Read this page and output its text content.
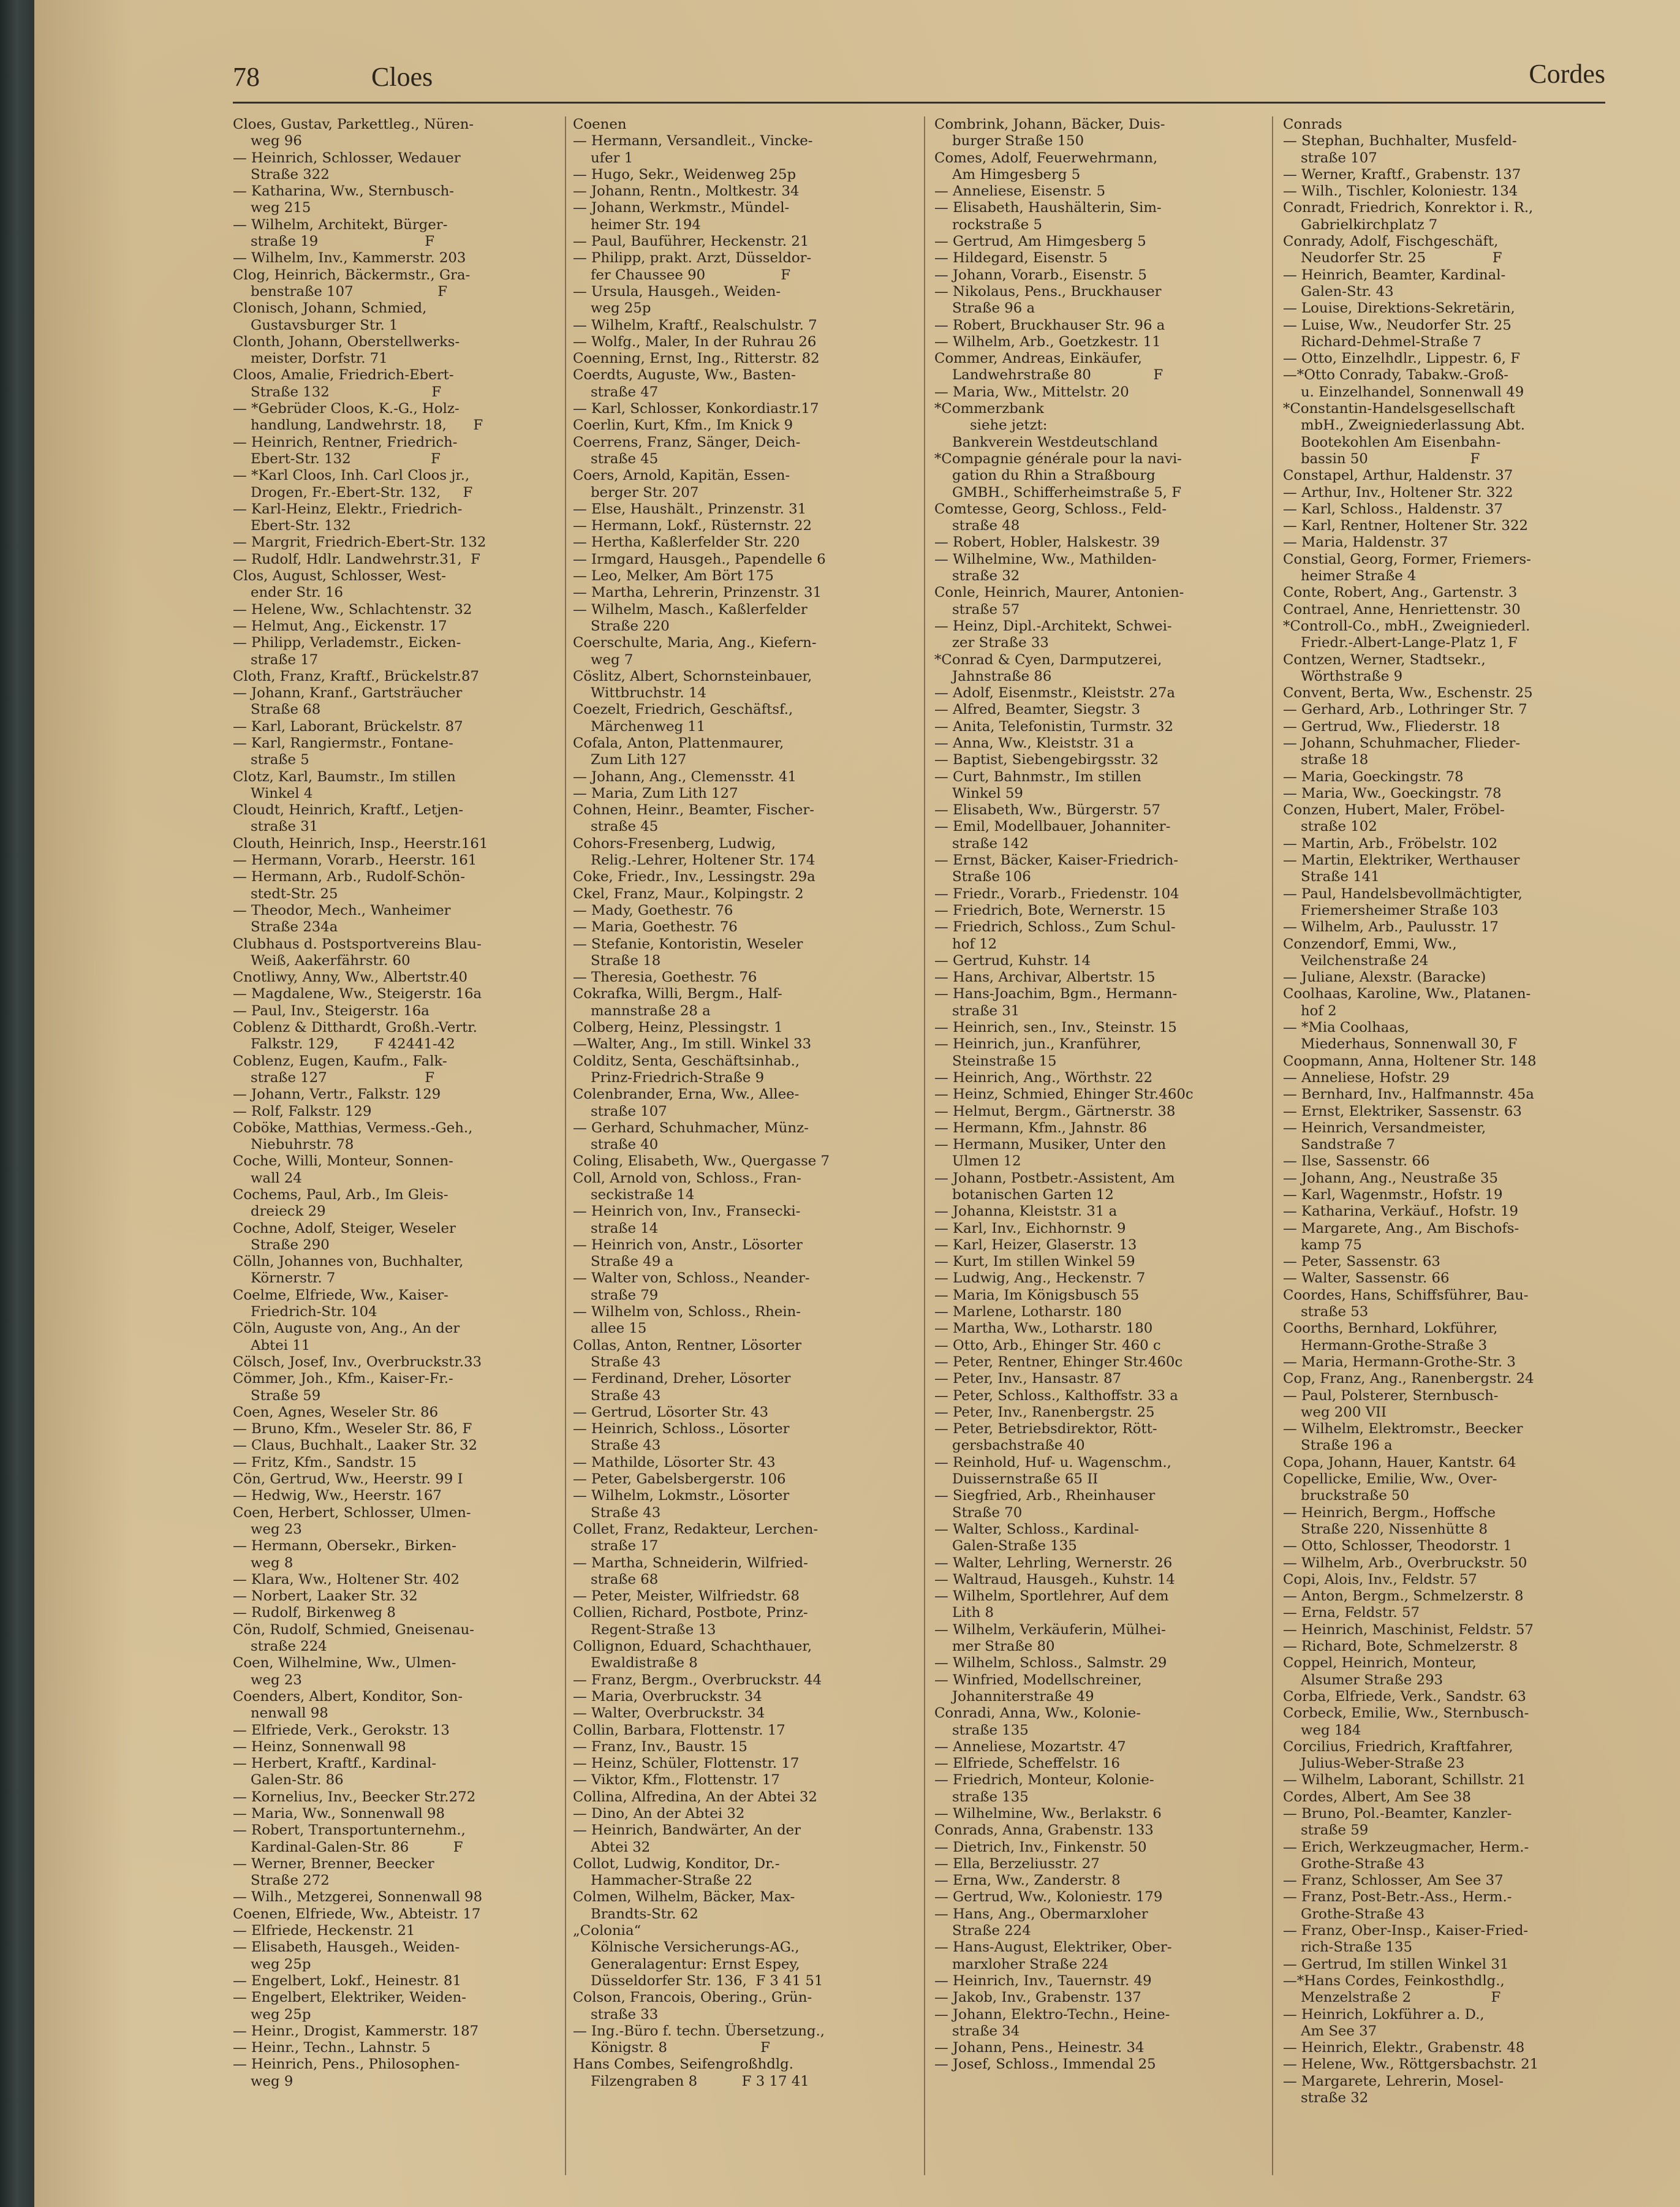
78	Cloes	Cordes
Cloes, Gustav, Parkettleg., Nüren-
weg 96
— Heinrich, Schlosser, Wedauer
Straße 322
— Katharina, Ww., Sternbusch-
weg 215
— Wilhelm, Architekt, Bürger-
straße 19                        F
— Wilhelm, Inv., Kammerstr. 203
Clog, Heinrich, Bäckermstr., Gra-
benstraße 107                   F
Clonisch, Johann, Schmied,
Gustavsburger Str. 1
Clonth, Johann, Oberstellwerks-
meister, Dorfstr. 71
Cloos, Amalie, Friedrich-Ebert-
Straße 132                       F
— *Gebrüder Cloos, K.-G., Holz-
handlung, Landwehrstr. 18,      F
— Heinrich, Rentner, Friedrich-
Ebert-Str. 132                  F
— *Karl Cloos, Inh. Carl Cloos jr.,
Drogen, Fr.-Ebert-Str. 132,     F
— Karl-Heinz, Elektr., Friedrich-
Ebert-Str. 132
— Margrit, Friedrich-Ebert-Str. 132
— Rudolf, Hdlr. Landwehrstr.31,  F
Clos, August, Schlosser, West-
ender Str. 16
— Helene, Ww., Schlachtenstr. 32
— Helmut, Ang., Eickenstr. 17
— Philipp, Verlademstr., Eicken-
straße 17
Cloth, Franz, Kraftf., Brückelstr.87
— Johann, Kranf., Gartsträucher
Straße 68
— Karl, Laborant, Brückelstr. 87
— Karl, Rangiermstr., Fontane-
straße 5
Clotz, Karl, Baumstr., Im stillen
Winkel 4
Cloudt, Heinrich, Kraftf., Letjen-
straße 31
Clouth, Heinrich, Insp., Heerstr.161
— Hermann, Vorarb., Heerstr. 161
— Hermann, Arb., Rudolf-Schön-
stedt-Str. 25
— Theodor, Mech., Wanheimer
Straße 234a
Clubhaus d. Postsportvereins Blau-
Weiß, Aakerfährstr. 60
Cnotliwy, Anny, Ww., Albertstr.40
— Magdalene, Ww., Steigerstr. 16a
— Paul, Inv., Steigerstr. 16a
Coblenz & Ditthardt, Großh.-Vertr.
Falkstr. 129,        F 42441-42
Coblenz, Eugen, Kaufm., Falk-
straße 127                      F
— Johann, Vertr., Falkstr. 129
— Rolf, Falkstr. 129
Coböke, Matthias, Vermess.-Geh.,
Niebuhrstr. 78
Coche, Willi, Monteur, Sonnen-
wall 24
Cochems, Paul, Arb., Im Gleis-
dreieck 29
Cochne, Adolf, Steiger, Weseler
Straße 290
Cölln, Johannes von, Buchhalter,
Körnerstr. 7
Coelme, Elfriede, Ww., Kaiser-
Friedrich-Str. 104
Cöln, Auguste von, Ang., An der
Abtei 11
Cölsch, Josef, Inv., Overbruckstr.33
Cömmer, Joh., Kfm., Kaiser-Fr.-
Straße 59
Coen, Agnes, Weseler Str. 86
— Bruno, Kfm., Weseler Str. 86, F
— Claus, Buchhalt., Laaker Str. 32
— Fritz, Kfm., Sandstr. 15
Cön, Gertrud, Ww., Heerstr. 99 I
— Hedwig, Ww., Heerstr. 167
Coen, Herbert, Schlosser, Ulmen-
weg 23
— Hermann, Obersekr., Birken-
weg 8
— Klara, Ww., Holtener Str. 402
— Norbert, Laaker Str. 32
— Rudolf, Birkenweg 8
Cön, Rudolf, Schmied, Gneisenau-
straße 224
Coen, Wilhelmine, Ww., Ulmen-
weg 23
Coenders, Albert, Konditor, Son-
nenwall 98
— Elfriede, Verk., Gerokstr. 13
— Heinz, Sonnenwall 98
— Herbert, Kraftf., Kardinal-
Galen-Str. 86
— Kornelius, Inv., Beecker Str.272
— Maria, Ww., Sonnenwall 98
— Robert, Transportunternehm.,
Kardinal-Galen-Str. 86          F
— Werner, Brenner, Beecker
Straße 272
— Wilh., Metzgerei, Sonnenwall 98
Coenen, Elfriede, Ww., Abteistr. 17
— Elfriede, Heckenstr. 21
— Elisabeth, Hausgeh., Weiden-
weg 25p
— Engelbert, Lokf., Heinestr. 81
— Engelbert, Elektriker, Weiden-
weg 25p
— Heinr., Drogist, Kammerstr. 187
— Heinr., Techn., Lahnstr. 5
— Heinrich, Pens., Philosophen-
weg 9
Coenen
— Hermann, Versandleit., Vincke-
ufer 1
— Hugo, Sekr., Weidenweg 25p
— Johann, Rentn., Moltkestr. 34
— Johann, Werkmstr., Mündel-
heimer Str. 194
— Paul, Bauführer, Heckenstr. 21
— Philipp, prakt. Arzt, Düsseldor-
fer Chaussee 90                 F
— Ursula, Hausgeh., Weiden-
weg 25p
— Wilhelm, Kraftf., Realschulstr. 7
— Wolfg., Maler, In der Ruhrau 26
Coenning, Ernst, Ing., Ritterstr. 82
Coerdts, Auguste, Ww., Basten-
straße 47
— Karl, Schlosser, Konkordiastr.17
Coerlin, Kurt, Kfm., Im Knick 9
Coerrens, Franz, Sänger, Deich-
straße 45
Coers, Arnold, Kapitän, Essen-
berger Str. 207
— Else, Haushält., Prinzenstr. 31
— Hermann, Lokf., Rüsternstr. 22
— Hertha, Kaßlerfelder Str. 220
— Irmgard, Hausgeh., Papendelle 6
— Leo, Melker, Am Bört 175
— Martha, Lehrerin, Prinzenstr. 31
— Wilhelm, Masch., Kaßlerfelder
Straße 220
Coerschulte, Maria, Ang., Kiefern-
weg 7
Cöslitz, Albert, Schornsteinbauer,
Wittbruchstr. 14
Coezelt, Friedrich, Geschäftsf.,
Märchenweg 11
Cofala, Anton, Plattenmaurer,
Zum Lith 127
— Johann, Ang., Clemensstr. 41
— Maria, Zum Lith 127
Cohnen, Heinr., Beamter, Fischer-
straße 45
Cohors-Fresenberg, Ludwig,
Relig.-Lehrer, Holtener Str. 174
Coke, Friedr., Inv., Lessingstr. 29a
Ckel, Franz, Maur., Kolpingstr. 2
— Mady, Goethestr. 76
— Maria, Goethestr. 76
— Stefanie, Kontoristin, Weseler
Straße 18
— Theresia, Goethestr. 76
Cokrafka, Willi, Bergm., Half-
mannstraße 28 a
Colberg, Heinz, Plessingstr. 1
—Walter, Ang., Im still. Winkel 33
Colditz, Senta, Geschäftsinhab.,
Prinz-Friedrich-Straße 9
Colenbrander, Erna, Ww., Allee-
straße 107
— Gerhard, Schuhmacher, Münz-
straße 40
Coling, Elisabeth, Ww., Quergasse 7
Coll, Arnold von, Schloss., Fran-
seckistraße 14
— Heinrich von, Inv., Fransecki-
straße 14
— Heinrich von, Anstr., Lösorter
Straße 49 a
— Walter von, Schloss., Neander-
straße 79
— Wilhelm von, Schloss., Rhein-
allee 15
Collas, Anton, Rentner, Lösorter
Straße 43
— Ferdinand, Dreher, Lösorter
Straße 43
— Gertrud, Lösorter Str. 43
— Heinrich, Schloss., Lösorter
Straße 43
— Mathilde, Lösorter Str. 43
— Peter, Gabelsbergerstr. 106
— Wilhelm, Lokmstr., Lösorter
Straße 43
Collet, Franz, Redakteur, Lerchen-
straße 17
— Martha, Schneiderin, Wilfried-
straße 68
— Peter, Meister, Wilfriedstr. 68
Collien, Richard, Postbote, Prinz-
Regent-Straße 13
Collignon, Eduard, Schachthauer,
Ewaldistraße 8
— Franz, Bergm., Overbruckstr. 44
— Maria, Overbruckstr. 34
— Walter, Overbruckstr. 34
Collin, Barbara, Flottenstr. 17
— Franz, Inv., Baustr. 15
— Heinz, Schüler, Flottenstr. 17
— Viktor, Kfm., Flottenstr. 17
Collina, Alfredina, An der Abtei 32
— Dino, An der Abtei 32
— Heinrich, Bandwärter, An der
Abtei 32
Collot, Ludwig, Konditor, Dr.-
Hammacher-Straße 22
Colmen, Wilhelm, Bäcker, Max-
Brandts-Str. 62
„Colonia“
Kölnische Versicherungs-AG.,
Generalagentur: Ernst Espey,
Düsseldorfer Str. 136,  F 3 41 51
Colson, Francois, Obering., Grün-
straße 33
— Ing.-Büro f. techn. Übersetzung.,
Königstr. 8                     F
Hans Combes, Seifengroßhdlg.
Filzengraben 8          F 3 17 41
Combrink, Johann, Bäcker, Duis-
burger Straße 150
Comes, Adolf, Feuerwehrmann,
Am Himgesberg 5
— Anneliese, Eisenstr. 5
— Elisabeth, Haushälterin, Sim-
rockstraße 5
— Gertrud, Am Himgesberg 5
— Hildegard, Eisenstr. 5
— Johann, Vorarb., Eisenstr. 5
— Nikolaus, Pens., Bruckhauser
Straße 96 a
— Robert, Bruckhauser Str. 96 a
— Wilhelm, Arb., Goetzkestr. 11
Commer, Andreas, Einkäufer,
Landwehrstraße 80              F
— Maria, Ww., Mittelstr. 20
*Commerzbank
siehe jetzt:
Bankverein Westdeutschland
*Compagnie générale pour la navi-
gation du Rhin a Straßbourg
GMBH., Schifferheimstraße 5, F
Comtesse, Georg, Schloss., Feld-
straße 48
— Robert, Hobler, Halskestr. 39
— Wilhelmine, Ww., Mathilden-
straße 32
Conle, Heinrich, Maurer, Antonien-
straße 57
— Heinz, Dipl.-Architekt, Schwei-
zer Straße 33
*Conrad & Cyen, Darmputzerei,
Jahnstraße 86
— Adolf, Eisenmstr., Kleiststr. 27a
— Alfred, Beamter, Siegstr. 3
— Anita, Telefonistin, Turmstr. 32
— Anna, Ww., Kleiststr. 31 a
— Baptist, Siebengebirgsstr. 32
— Curt, Bahnmstr., Im stillen
Winkel 59
— Elisabeth, Ww., Bürgerstr. 57
— Emil, Modellbauer, Johanniter-
straße 142
— Ernst, Bäcker, Kaiser-Friedrich-
Straße 106
— Friedr., Vorarb., Friedenstr. 104
— Friedrich, Bote, Wernerstr. 15
— Friedrich, Schloss., Zum Schul-
hof 12
— Gertrud, Kuhstr. 14
— Hans, Archivar, Albertstr. 15
— Hans-Joachim, Bgm., Hermann-
straße 31
— Heinrich, sen., Inv., Steinstr. 15
— Heinrich, jun., Kranführer,
Steinstraße 15
— Heinrich, Ang., Wörthstr. 22
— Heinz, Schmied, Ehinger Str.460c
— Helmut, Bergm., Gärtnerstr. 38
— Hermann, Kfm., Jahnstr. 86
— Hermann, Musiker, Unter den
Ulmen 12
— Johann, Postbetr.-Assistent, Am
botanischen Garten 12
— Johanna, Kleiststr. 31 a
— Karl, Inv., Eichhornstr. 9
— Karl, Heizer, Glaserstr. 13
— Kurt, Im stillen Winkel 59
— Ludwig, Ang., Heckenstr. 7
— Maria, Im Königsbusch 55
— Marlene, Lotharstr. 180
— Martha, Ww., Lotharstr. 180
— Otto, Arb., Ehinger Str. 460 c
— Peter, Rentner, Ehinger Str.460c
— Peter, Inv., Hansastr. 87
— Peter, Schloss., Kalthoffstr. 33 a
— Peter, Inv., Ranenbergstr. 25
— Peter, Betriebsdirektor, Rött-
gersbachstraße 40
— Reinhold, Huf- u. Wagenschm.,
Duissernstraße 65 II
— Siegfried, Arb., Rheinhauser
Straße 70
— Walter, Schloss., Kardinal-
Galen-Straße 135
— Walter, Lehrling, Wernerstr. 26
— Waltraud, Hausgeh., Kuhstr. 14
— Wilhelm, Sportlehrer, Auf dem
Lith 8
— Wilhelm, Verkäuferin, Mülhei-
mer Straße 80
— Wilhelm, Schloss., Salmstr. 29
— Winfried, Modellschreiner,
Johanniterstraße 49
Conradi, Anna, Ww., Kolonie-
straße 135
— Anneliese, Mozartstr. 47
— Elfriede, Scheffelstr. 16
— Friedrich, Monteur, Kolonie-
straße 135
— Wilhelmine, Ww., Berlakstr. 6
Conrads, Anna, Grabenstr. 133
— Dietrich, Inv., Finkenstr. 50
— Ella, Berzeliusstr. 27
— Erna, Ww., Zanderstr. 8
— Gertrud, Ww., Koloniestr. 179
— Hans, Ang., Obermarxloher
Straße 224
— Hans-August, Elektriker, Ober-
marxloher Straße 224
— Heinrich, Inv., Tauernstr. 49
— Jakob, Inv., Grabenstr. 137
— Johann, Elektro-Techn., Heine-
straße 34
— Johann, Pens., Heinestr. 34
— Josef, Schloss., Immendal 25
Conrads
— Stephan, Buchhalter, Musfeld-
straße 107
— Werner, Kraftf., Grabenstr. 137
— Wilh., Tischler, Koloniestr. 134
Conradt, Friedrich, Konrektor i. R.,
Gabrielkirchplatz 7
Conrady, Adolf, Fischgeschäft,
Neudorfer Str. 25               F
— Heinrich, Beamter, Kardinal-
Galen-Str. 43
— Louise, Direktions-Sekretärin,
— Luise, Ww., Neudorfer Str. 25
Richard-Dehmel-Straße 7
— Otto, Einzelhdlr., Lippestr. 6, F
—*Otto Conrady, Tabakw.-Groß-
u. Einzelhandel, Sonnenwall 49
*Constantin-Handelsgesellschaft
mbH., Zweigniederlassung Abt.
Bootekohlen Am Eisenbahn-
bassin 50                       F
Constapel, Arthur, Haldenstr. 37
— Arthur, Inv., Holtener Str. 322
— Karl, Schloss., Haldenstr. 37
— Karl, Rentner, Holtener Str. 322
— Maria, Haldenstr. 37
Constial, Georg, Former, Friemers-
heimer Straße 4
Conte, Robert, Ang., Gartenstr. 3
Contrael, Anne, Henriettenstr. 30
*Controll-Co., mbH., Zweigniederl.
Friedr.-Albert-Lange-Platz 1, F
Contzen, Werner, Stadtsekr.,
Wörthstraße 9
Convent, Berta, Ww., Eschenstr. 25
— Gerhard, Arb., Lothringer Str. 7
— Gertrud, Ww., Fliederstr. 18
— Johann, Schuhmacher, Flieder-
straße 18
— Maria, Goeckingstr. 78
— Maria, Ww., Goeckingstr. 78
Conzen, Hubert, Maler, Fröbel-
straße 102
— Martin, Arb., Fröbelstr. 102
— Martin, Elektriker, Werthauser
Straße 141
— Paul, Handelsbevollmächtigter,
Friemersheimer Straße 103
— Wilhelm, Arb., Paulusstr. 17
Conzendorf, Emmi, Ww.,
Veilchenstraße 24
— Juliane, Alexstr. (Baracke)
Coolhaas, Karoline, Ww., Platanen-
hof 2
— *Mia Coolhaas,
Miederhaus, Sonnenwall 30, F
Coopmann, Anna, Holtener Str. 148
— Anneliese, Hofstr. 29
— Bernhard, Inv., Halfmannstr. 45a
— Ernst, Elektriker, Sassenstr. 63
— Heinrich, Versandmeister,
Sandstraße 7
— Ilse, Sassenstr. 66
— Johann, Ang., Neustraße 35
— Karl, Wagenmstr., Hofstr. 19
— Katharina, Verkäuf., Hofstr. 19
— Margarete, Ang., Am Bischofs-
kamp 75
— Peter, Sassenstr. 63
— Walter, Sassenstr. 66
Coordes, Hans, Schiffsführer, Bau-
straße 53
Coorths, Bernhard, Lokführer,
Hermann-Grothe-Straße 3
— Maria, Hermann-Grothe-Str. 3
Cop, Franz, Ang., Ranenbergstr. 24
— Paul, Polsterer, Sternbusch-
weg 200 VII
— Wilhelm, Elektromstr., Beecker
Straße 196 a
Copa, Johann, Hauer, Kantstr. 64
Copellicke, Emilie, Ww., Over-
bruckstraße 50
— Heinrich, Bergm., Hoffsche
Straße 220, Nissenhütte 8
— Otto, Schlosser, Theodorstr. 1
— Wilhelm, Arb., Overbruckstr. 50
Copi, Alois, Inv., Feldstr. 57
— Anton, Bergm., Schmelzerstr. 8
— Erna, Feldstr. 57
— Heinrich, Maschinist, Feldstr. 57
— Richard, Bote, Schmelzerstr. 8
Coppel, Heinrich, Monteur,
Alsumer Straße 293
Corba, Elfriede, Verk., Sandstr. 63
Corbeck, Emilie, Ww., Sternbusch-
weg 184
Corcilius, Friedrich, Kraftfahrer,
Julius-Weber-Straße 23
— Wilhelm, Laborant, Schillstr. 21
Cordes, Albert, Am See 38
— Bruno, Pol.-Beamter, Kanzler-
straße 59
— Erich, Werkzeugmacher, Herm.-
Grothe-Straße 43
— Franz, Schlosser, Am See 37
— Franz, Post-Betr.-Ass., Herm.-
Grothe-Straße 43
— Franz, Ober-Insp., Kaiser-Fried-
rich-Straße 135
— Gertrud, Im stillen Winkel 31
—*Hans Cordes, Feinkosthdlg.,
Menzelstraße 2                  F
— Heinrich, Lokführer a. D.,
Am See 37
— Heinrich, Elektr., Grabenstr. 48
— Helene, Ww., Röttgersbachstr. 21
— Margarete, Lehrerin, Mosel-
straße 32
